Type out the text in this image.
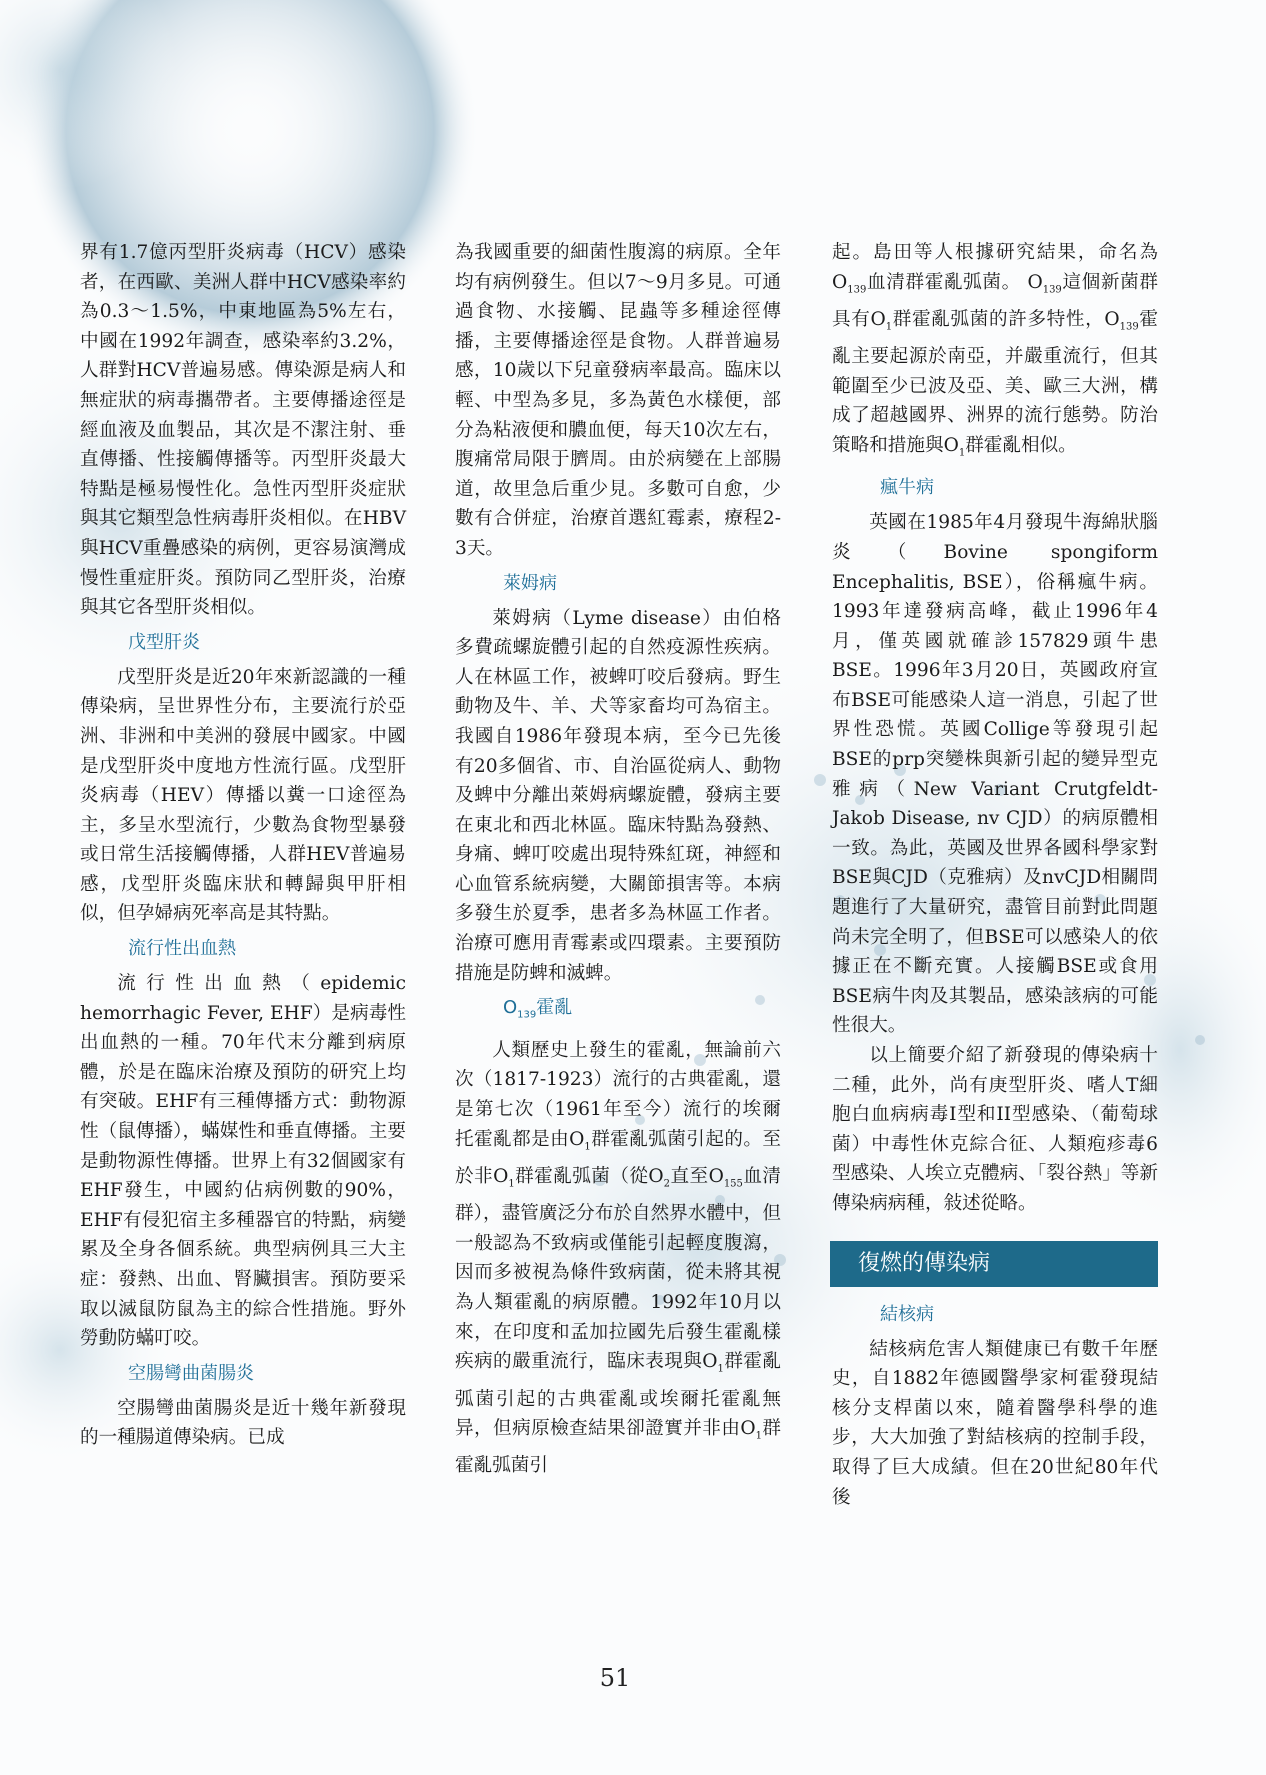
界有1.7億丙型肝炎病毒（HCV）感染者，在西歐、美洲人群中HCV感染率約為0.3～1.5%，中東地區為5%左右，中國在1992年調查，感染率約3.2%，人群對HCV普遍易感。傳染源是病人和無症狀的病毒攜帶者。主要傳播途徑是經血液及血製品，其次是不潔注射、垂直傳播、性接觸傳播等。丙型肝炎最大特點是極易慢性化。急性丙型肝炎症狀與其它類型急性病毒肝炎相似。在HBV與HCV重疊感染的病例，更容易演灣成慢性重症肝炎。預防同乙型肝炎，治療與其它各型肝炎相似。

戊型肝炎

戊型肝炎是近20年來新認識的一種傳染病，呈世界性分布，主要流行於亞洲、非洲和中美洲的發展中國家。中國是戊型肝炎中度地方性流行區。戊型肝炎病毒（HEV）傳播以糞一口途徑為主，多呈水型流行，少數為食物型暴發或日常生活接觸傳播，人群HEV普遍易感，戊型肝炎臨床狀和轉歸與甲肝相似，但孕婦病死率高是其特點。

流行性出血熱

流行性出血熱（epidemic hemorrhagic Fever, EHF）是病毒性出血熱的一種。70年代末分離到病原體，於是在臨床治療及預防的研究上均有突破。EHF有三種傳播方式：動物源性（鼠傳播），蟎媒性和垂直傳播。主要是動物源性傳播。世界上有32個國家有EHF發生，中國約佔病例數的90%，EHF有侵犯宿主多種器官的特點，病變累及全身各個系統。典型病例具三大主症：發熱、出血、腎臟損害。預防要采取以滅鼠防鼠為主的綜合性措施。野外勞動防蟎叮咬。

空腸彎曲菌腸炎

空腸彎曲菌腸炎是近十幾年新發現的一種腸道傳染病。已成

為我國重要的細菌性腹瀉的病原。全年均有病例發生。但以7～9月多見。可通過食物、水接觸、昆蟲等多種途徑傳播，主要傳播途徑是食物。人群普遍易感，10歲以下兒童發病率最高。臨床以輕、中型為多見，多為黃色水樣便，部分為粘液便和膿血便，每天10次左右，腹痛常局限于臍周。由於病變在上部腸道，故里急后重少見。多數可自愈，少數有合併症，治療首選紅霉素，療程2-3天。

萊姆病

萊姆病（Lyme disease）由伯格多費疏螺旋體引起的自然疫源性疾病。人在林區工作，被蜱叮咬后發病。野生動物及牛、羊、犬等家畜均可為宿主。我國自1986年發現本病，至今已先後有20多個省、市、自治區從病人、動物及蜱中分離出萊姆病螺旋體，發病主要在東北和西北林區。臨床特點為發熱、身痛、蜱叮咬處出現特殊紅斑，神經和心血管系統病變，大關節損害等。本病多發生於夏季，患者多為林區工作者。治療可應用青霉素或四環素。主要預防措施是防蜱和滅蜱。

$O_{139}$霍亂

人類歷史上發生的霍亂，無論前六次（1817-1923）流行的古典霍亂，還是第七次（1961年至今）流行的埃爾托霍亂都是由$O_1$群霍亂弧菌引起的。至於非$O_1$群霍亂弧菌（從$O_2$直至$O_{155}$血清群），盡管廣泛分布於自然界水體中，但一般認為不致病或僅能引起輕度腹瀉，因而多被視為條件致病菌，從未將其視為人類霍亂的病原體。1992年10月以來，在印度和孟加拉國先后發生霍亂樣疾病的嚴重流行，臨床表現與$O_1$群霍亂弧菌引起的古典霍亂或埃爾托霍亂無异，但病原檢查結果卻證實并非由$O_1$群霍亂弧菌引

起。島田等人根據研究結果，命名為$O_{139}$血清群霍亂弧菌。 $O_{139}$這個新菌群具有$O_1$群霍亂弧菌的許多特性，$O_{139}$霍亂主要起源於南亞，并嚴重流行，但其範圍至少已波及亞、美、歐三大洲，構成了超越國界、洲界的流行態勢。防治策略和措施與$O_1$群霍亂相似。

瘋牛病

英國在1985年4月發現牛海綿狀腦炎（Bovine spongiform Encephalitis, BSE），俗稱瘋牛病。1993年達發病高峰，截止1996年4月，僅英國就確診157829頭牛患BSE。1996年3月20日，英國政府宣布BSE可能感染人這一消息，引起了世界性恐慌。英國Collige等發現引起BSE的prp突變株與新引起的變异型克雅病（New Variant Crutgfeldt-Jakob Disease, nv CJD）的病原體相一致。為此，英國及世界各國科學家對BSE與CJD（克雅病）及nvCJD相關問題進行了大量研究，盡管目前對此問題尚未完全明了，但BSE可以感染人的依據正在不斷充實。人接觸BSE或食用BSE病牛肉及其製品，感染該病的可能性很大。

以上簡要介紹了新發現的傳染病十二種，此外，尚有庚型肝炎、嗜人T細胞白血病病毒I型和II型感染、（葡萄球菌）中毒性休克綜合征、人類疱疹毒6型感染、人埃立克體病、「裂谷熱」等新傳染病病種，敍述從略。

復燃的傳染病
結核病

結核病危害人類健康已有數千年歷史，自1882年德國醫學家柯霍發現結核分支桿菌以來，隨着醫學科學的進步，大大加強了對結核病的控制手段，取得了巨大成績。但在20世紀80年代後

51
